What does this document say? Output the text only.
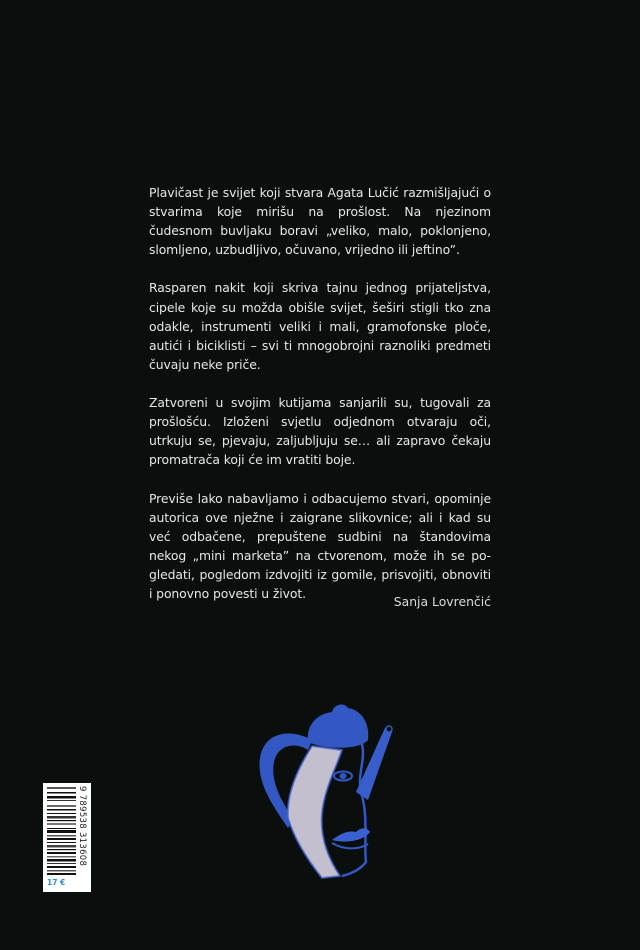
Plavičast je svijet koji stvara Agata Lučić razmišljajući o stvarima koje mirišu na prošlost. Na njezinom čudesnom buvljaku boravi „veliko, malo, poklonjeno, slomljeno, uzbudljivo, očuvano, vrijedno ili jeftino”.

Rasparen nakit koji skriva tajnu jednog prijateljstva, cipele koje su možda obišle svijet, šeširi stigli tko zna odakle, instrumenti veliki i mali, gramofonske ploče, autići i biciklisti – svi ti mnogobrojni raznoliki predmeti čuvaju neke priče.

Zatvoreni u svojim kutijama sanjarili su, tugovali za prošlošću. Izloženi svjetlu odjednom otvaraju oči, utrkuju se, pjevaju, zaljubljuju se… ali zapravo čekaju promatrača koji će im vratiti boje.

Previše lako nabavljamo i odbacujemo stvari, opominje autorica ove nježne i zaigrane slikovnice; ali i kad su već odbačene, prepuštene sudbini na štandovima nekog „mini marketa” na ctvorenom, može ih se pogledati, pogledom izdvojiti iz gomile, prisvojiti, obnoviti i ponovno povesti u život.

Sanja Lovrenčić
9 789538 313608
17 €
